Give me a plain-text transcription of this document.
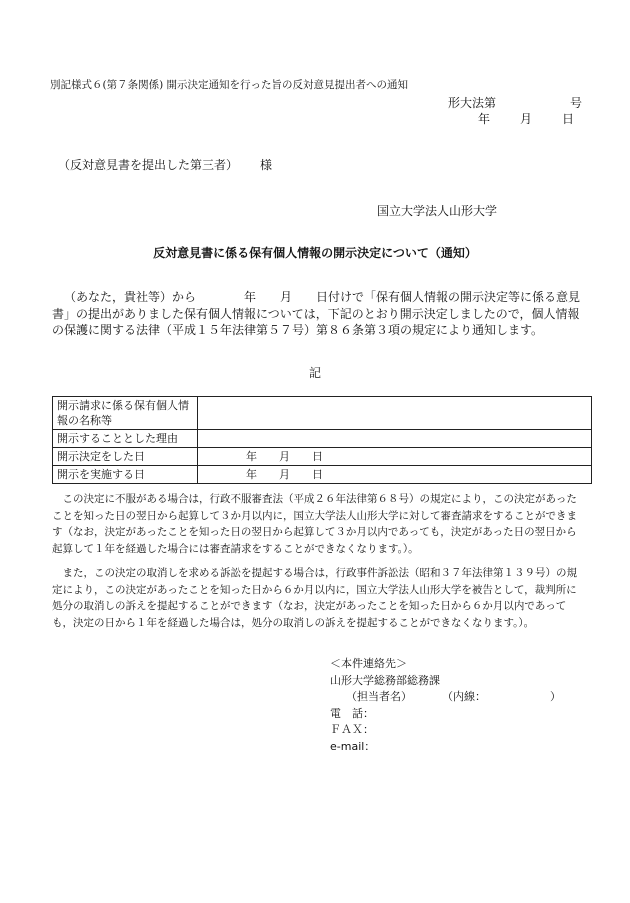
別記様式６(第７条関係) 開示決定通知を行った旨の反対意見提出者への通知
形大法第	号
年	月	日
（反対意見書を提出した第三者） 様
国立大学法人山形大学
反対意見書に係る保有個人情報の開示決定について（通知）
（あなた，貴社等）から　　　　年　　月　　日付けで「保有個人情報の開示決定等に係る意見書」の提出がありました保有個人情報については，下記のとおり開示決定しましたので，個人情報の保護に関する法律（平成１５年法律第５７号）第８６条第３項の規定により通知します。
記
開示請求に係る保有個人情報の名称等	
開示することとした理由	
開示決定をした日	　　　　年　　月　　日
開示を実施する日	　　　　年　　月　　日
この決定に不服がある場合は，行政不服審査法（平成２６年法律第６８号）の規定により，この決定があったことを知った日の翌日から起算して３か月以内に，国立大学法人山形大学に対して審査請求をすることができます（なお，決定があったことを知った日の翌日から起算して３か月以内であっても，決定があった日の翌日から起算して１年を経過した場合には審査請求をすることができなくなります。）。
また，この決定の取消しを求める訴訟を提起する場合は，行政事件訴訟法（昭和３７年法律第１３９号）の規定により，この決定があったことを知った日から６か月以内に，国立大学法人山形大学を被告として，裁判所に処分の取消しの訴えを提起することができます（なお，決定があったことを知った日から６か月以内であっても，決定の日から１年を経過した場合は，処分の取消しの訴えを提起することができなくなります。）。
＜本件連絡先＞
山形大学総務部総務課
（担当者名）	（内線：	）
電　話：
ＦＡＸ：
e-mail：
